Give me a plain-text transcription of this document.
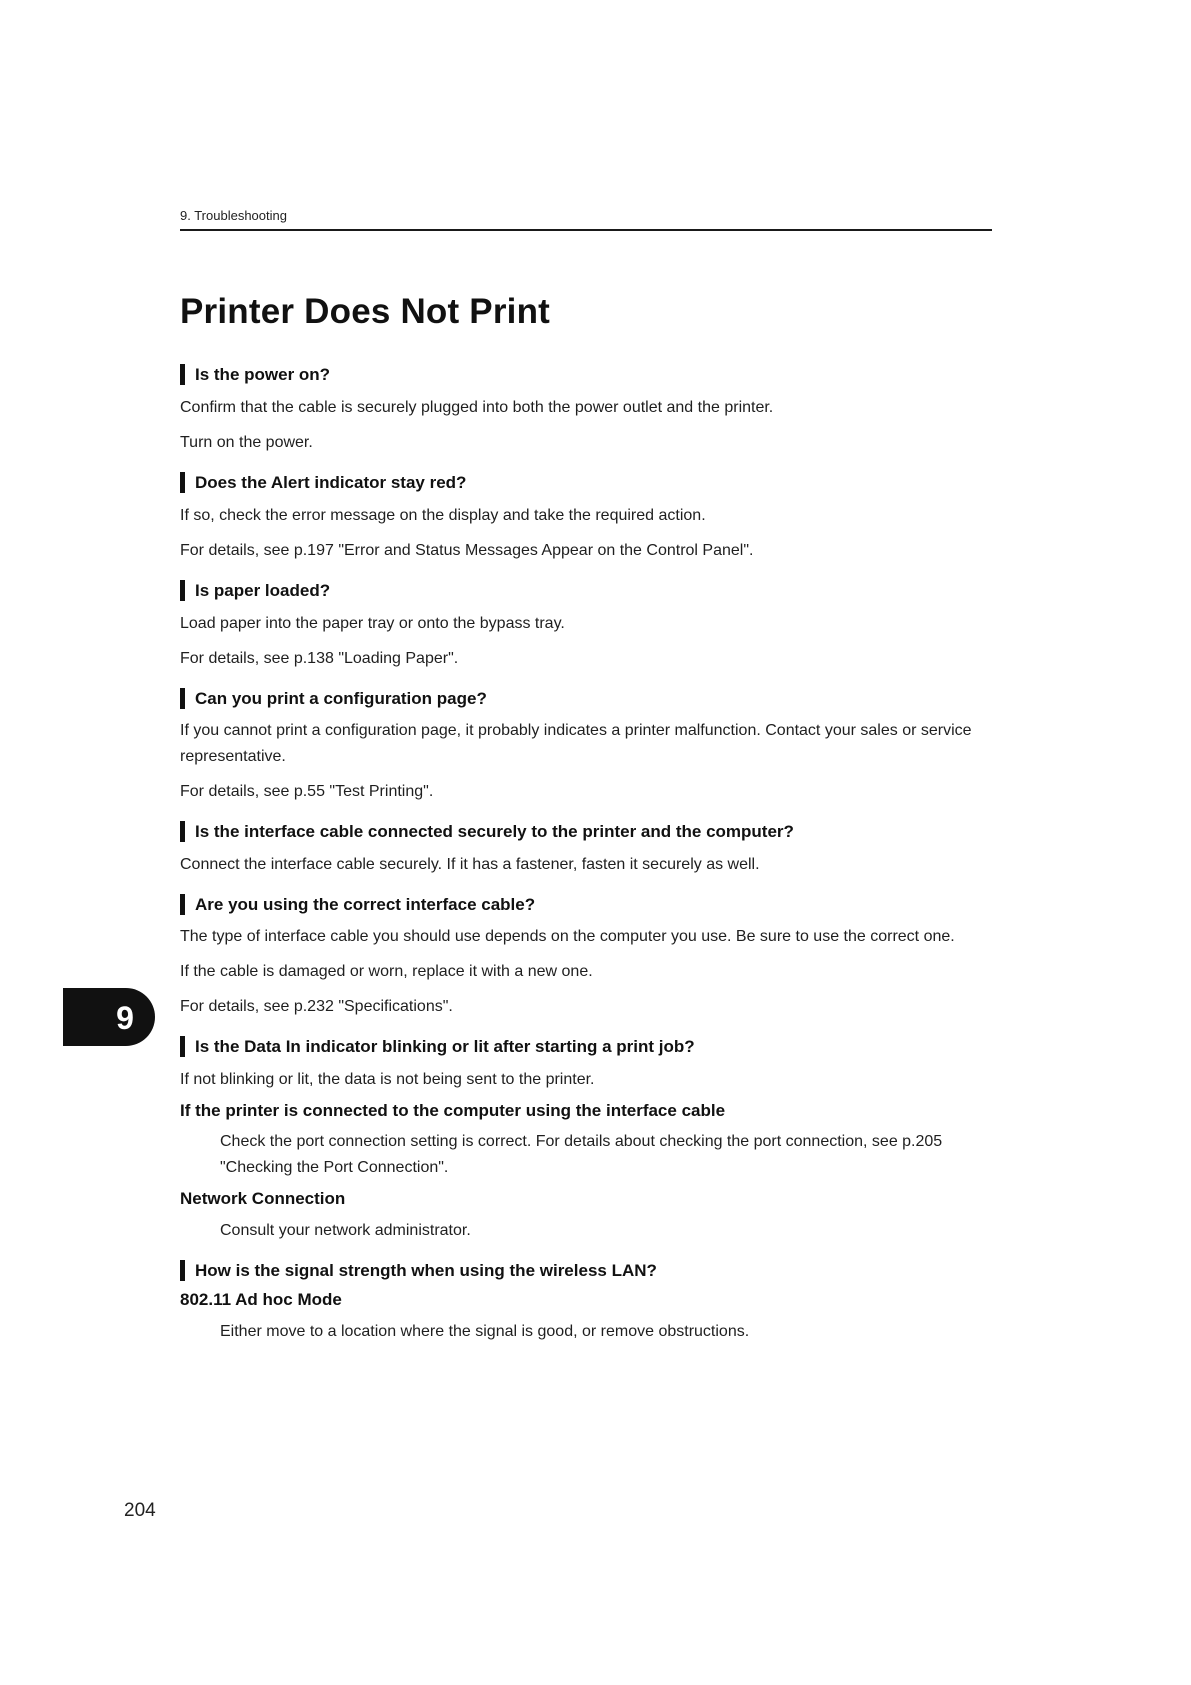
9. Troubleshooting
Printer Does Not Print
Is the power on?

Confirm that the cable is securely plugged into both the power outlet and the printer.

Turn on the power.

Does the Alert indicator stay red?

If so, check the error message on the display and take the required action.

For details, see p.197 "Error and Status Messages Appear on the Control Panel".

Is paper loaded?

Load paper into the paper tray or onto the bypass tray.

For details, see p.138 "Loading Paper".

Can you print a configuration page?

If you cannot print a configuration page, it probably indicates a printer malfunction. Contact your sales or service representative.

For details, see p.55 "Test Printing".

Is the interface cable connected securely to the printer and the computer?

Connect the interface cable securely. If it has a fastener, fasten it securely as well.

Are you using the correct interface cable?

The type of interface cable you should use depends on the computer you use. Be sure to use the correct one.

If the cable is damaged or worn, replace it with a new one.

For details, see p.232 "Specifications".

Is the Data In indicator blinking or lit after starting a print job?

If not blinking or lit, the data is not being sent to the printer.

If the printer is connected to the computer using the interface cable

Check the port connection setting is correct. For details about checking the port connection, see p.205 "Checking the Port Connection".

Network Connection

Consult your network administrator.

How is the signal strength when using the wireless LAN?
802.11 Ad hoc Mode

Either move to a location where the signal is good, or remove obstructions.

9
204
